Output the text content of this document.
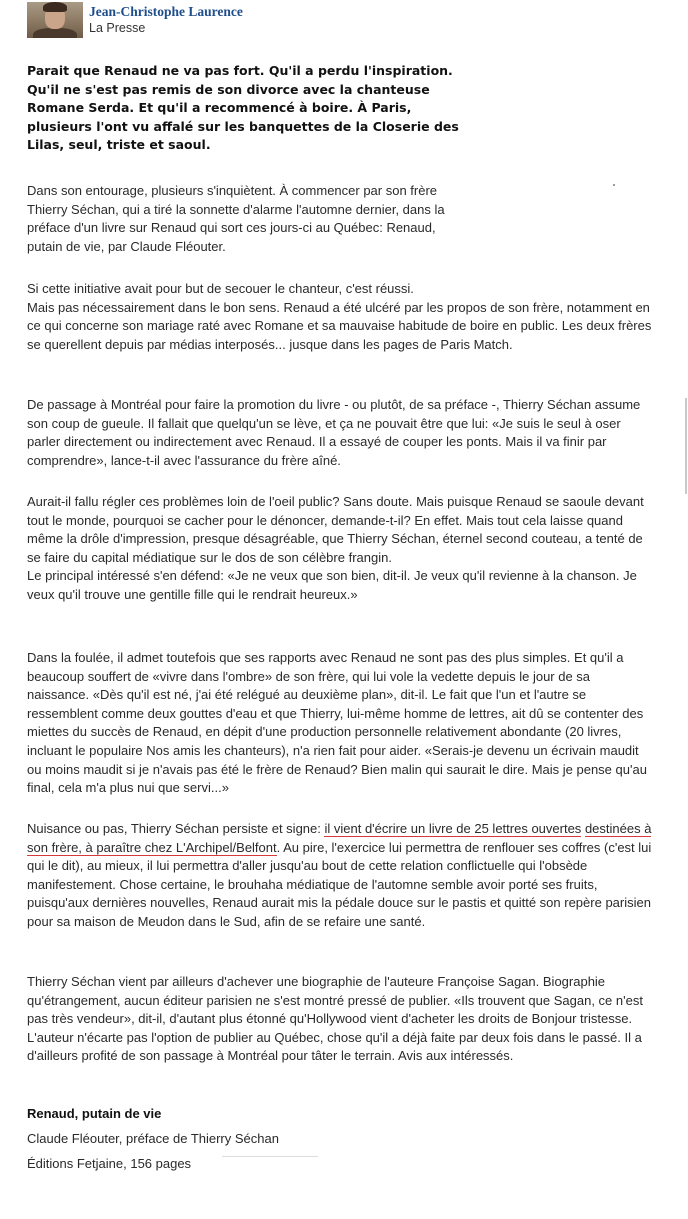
Jean-Christophe Laurence
La Presse
Parait que Renaud ne va pas fort. Qu'il a perdu l'inspiration. Qu'il ne s'est pas remis de son divorce avec la chanteuse Romane Serda. Et qu'il a recommencé à boire. À Paris, plusieurs l'ont vu affalé sur les banquettes de la Closerie des Lilas, seul, triste et saoul.
Dans son entourage, plusieurs s'inquiètent. À commencer par son frère Thierry Séchan, qui a tiré la sonnette d'alarme l'automne dernier, dans la préface d'un livre sur Renaud qui sort ces jours-ci au Québec: Renaud, putain de vie, par Claude Fléouter.
Si cette initiative avait pour but de secouer le chanteur, c'est réussi.
Mais pas nécessairement dans le bon sens. Renaud a été ulcéré par les propos de son frère, notamment en ce qui concerne son mariage raté avec Romane et sa mauvaise habitude de boire en public. Les deux frères se querellent depuis par médias interposés... jusque dans les pages de Paris Match.
De passage à Montréal pour faire la promotion du livre - ou plutôt, de sa préface -, Thierry Séchan assume son coup de gueule. Il fallait que quelqu'un se lève, et ça ne pouvait être que lui: «Je suis le seul à oser parler directement ou indirectement avec Renaud. Il a essayé de couper les ponts. Mais il va finir par comprendre», lance-t-il avec l'assurance du frère aîné.
Aurait-il fallu régler ces problèmes loin de l'oeil public? Sans doute. Mais puisque Renaud se saoule devant tout le monde, pourquoi se cacher pour le dénoncer, demande-t-il? En effet. Mais tout cela laisse quand même la drôle d'impression, presque désagréable, que Thierry Séchan, éternel second couteau, a tenté de se faire du capital médiatique sur le dos de son célèbre frangin.
Le principal intéressé s'en défend: «Je ne veux que son bien, dit-il. Je veux qu'il revienne à la chanson. Je veux qu'il trouve une gentille fille qui le rendrait heureux.»
Dans la foulée, il admet toutefois que ses rapports avec Renaud ne sont pas des plus simples. Et qu'il a beaucoup souffert de «vivre dans l'ombre» de son frère, qui lui vole la vedette depuis le jour de sa naissance. «Dès qu'il est né, j'ai été relégué au deuxième plan», dit-il. Le fait que l'un et l'autre se ressemblent comme deux gouttes d'eau et que Thierry, lui-même homme de lettres, ait dû se contenter des miettes du succès de Renaud, en dépit d'une production personnelle relativement abondante (20 livres, incluant le populaire Nos amis les chanteurs), n'a rien fait pour aider. «Serais-je devenu un écrivain maudit ou moins maudit si je n'avais pas été le frère de Renaud? Bien malin qui saurait le dire. Mais je pense qu'au final, cela m'a plus nui que servi...»
Nuisance ou pas, Thierry Séchan persiste et signe: il vient d'écrire un livre de 25 lettres ouvertes destinées à son frère, à paraître chez L'Archipel/Belfont. Au pire, l'exercice lui permettra de renflouer ses coffres (c'est lui qui le dit), au mieux, il lui permettra d'aller jusqu'au bout de cette relation conflictuelle qui l'obsède manifestement. Chose certaine, le brouhaha médiatique de l'automne semble avoir porté ses fruits, puisqu'aux dernières nouvelles, Renaud aurait mis la pédale douce sur le pastis et quitté son repère parisien pour sa maison de Meudon dans le Sud, afin de se refaire une santé.
Thierry Séchan vient par ailleurs d'achever une biographie de l'auteure Françoise Sagan. Biographie qu'étrangement, aucun éditeur parisien ne s'est montré pressé de publier. «Ils trouvent que Sagan, ce n'est pas très vendeur», dit-il, d'autant plus étonné qu'Hollywood vient d'acheter les droits de Bonjour tristesse. L'auteur n'écarte pas l'option de publier au Québec, chose qu'il a déjà faite par deux fois dans le passé. Il a d'ailleurs profité de son passage à Montréal pour tâter le terrain. Avis aux intéressés.
Renaud, putain de vie
Claude Fléouter, préface de Thierry Séchan
Éditions Fetjaine, 156 pages
